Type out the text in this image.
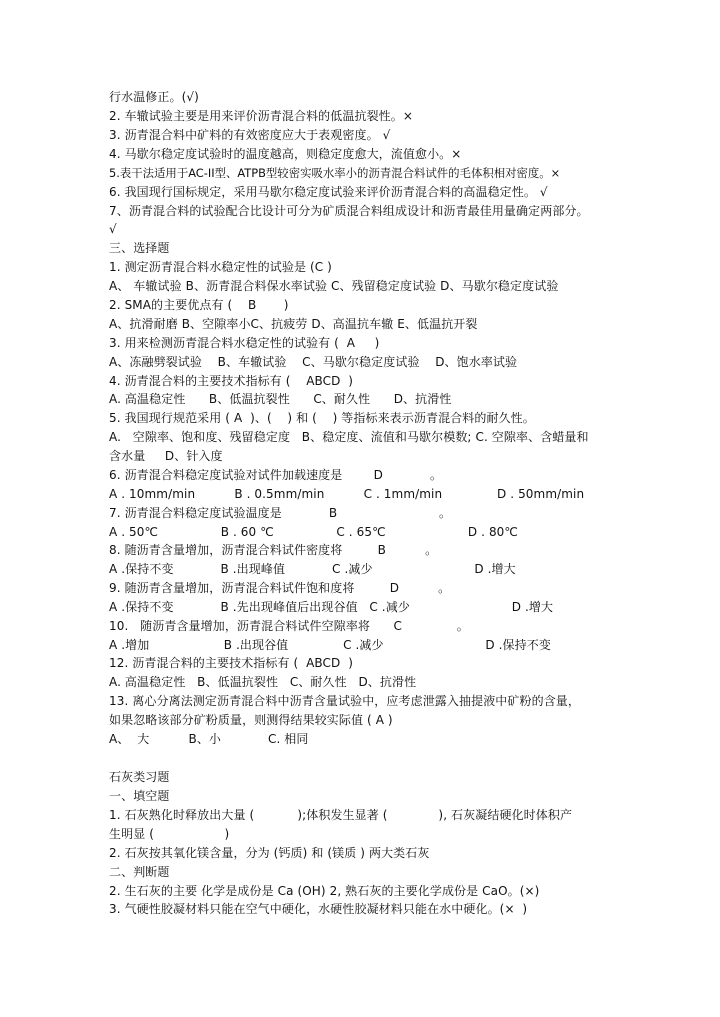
行水温修正。(√)
2. 车辙试验主要是用来评价沥青混合料的低温抗裂性。×
3. 沥青混合料中矿料的有效密度应大于表观密度。 √
4. 马歇尔稳定度试验时的温度越高，则稳定度愈大，流值愈小。×
5.表干法适用于AC-II型、ATPB型较密实吸水率小的沥青混合料试件的毛体积相对密度。×
6. 我国现行国标规定，采用马歇尔稳定度试验来评价沥青混合料的高温稳定性。 √
7、沥青混合料的试验配合比设计可分为矿质混合料组成设计和沥青最佳用量确定两部分。
√
三、选择题
1. 测定沥青混合料水稳定性的试验是 (C )
A、 车辙试验 B、沥青混合料保水率试验 C、残留稳定度试验 D、马歇尔稳定度试验
2. SMA的主要优点有 (    B       )
A、抗滑耐磨 B、空隙率小C、抗疲劳 D、高温抗车辙 E、低温抗开裂
3. 用来检测沥青混合料水稳定性的试验有 (  A     )
A、冻融劈裂试验    B、车辙试验    C、马歇尔稳定度试验    D、饱水率试验
4. 沥青混合料的主要技术指标有 (    ABCD  )
A. 高温稳定性      B、低温抗裂性      C、耐久性      D、抗滑性
5. 我国现行规范采用 ( A  )、(    ) 和 (    ) 等指标来表示沥青混合料的耐久性。
A.   空隙率、饱和度、残留稳定度   B、稳定度、流值和马歇尔模数; C. 空隙率、含蜡量和
含水量     D、针入度
6. 沥青混合料稳定度试验对试件加载速度是        D            。
A . 10mm/min          B . 0.5mm/min          C . 1mm/min              D . 50mm/min
7. 沥青混合料稳定度试验温度是            B                          。
A . 50℃                B . 60 ℃                C . 65℃                     D . 80℃
8. 随沥青含量增加，沥青混合料试件密度将         B          。
A .保持不变            B .出现峰值            C .减少                          D .增大
9. 随沥青含量增加，沥青混合料试件饱和度将         D          。
A .保持不变            B .先出现峰值后出现谷值   C .减少                          D .增大
10.   随沥青含量增加，沥青混合料试件空隙率将      C              。
A .增加                   B .出现谷值              C .减少                          D .保持不变
12. 沥青混合料的主要技术指标有 (  ABCD  )
A. 高温稳定性   B、低温抗裂性   C、耐久性   D、抗滑性
13. 离心分离法测定沥青混合料中沥青含量试验中，应考虑泄露入抽提液中矿粉的含量，
如果忽略该部分矿粉质量，则测得结果较实际值 ( A )
A、  大          B、小            C. 相同
石灰类习题
一、填空题
1. 石灰熟化时释放出大量 (           );体积发生显著 (             ), 石灰凝结硬化时体积产
生明显 (                  )
2. 石灰按其氧化镁含量，分为 (钙质) 和 (镁质 ) 两大类石灰
二、判断题
2. 生石灰的主要 化学是成份是 Ca (OH) 2, 熟石灰的主要化学成份是 CaO。(×)
3. 气硬性胶凝材料只能在空气中硬化，水硬性胶凝材料只能在水中硬化。(×  )
